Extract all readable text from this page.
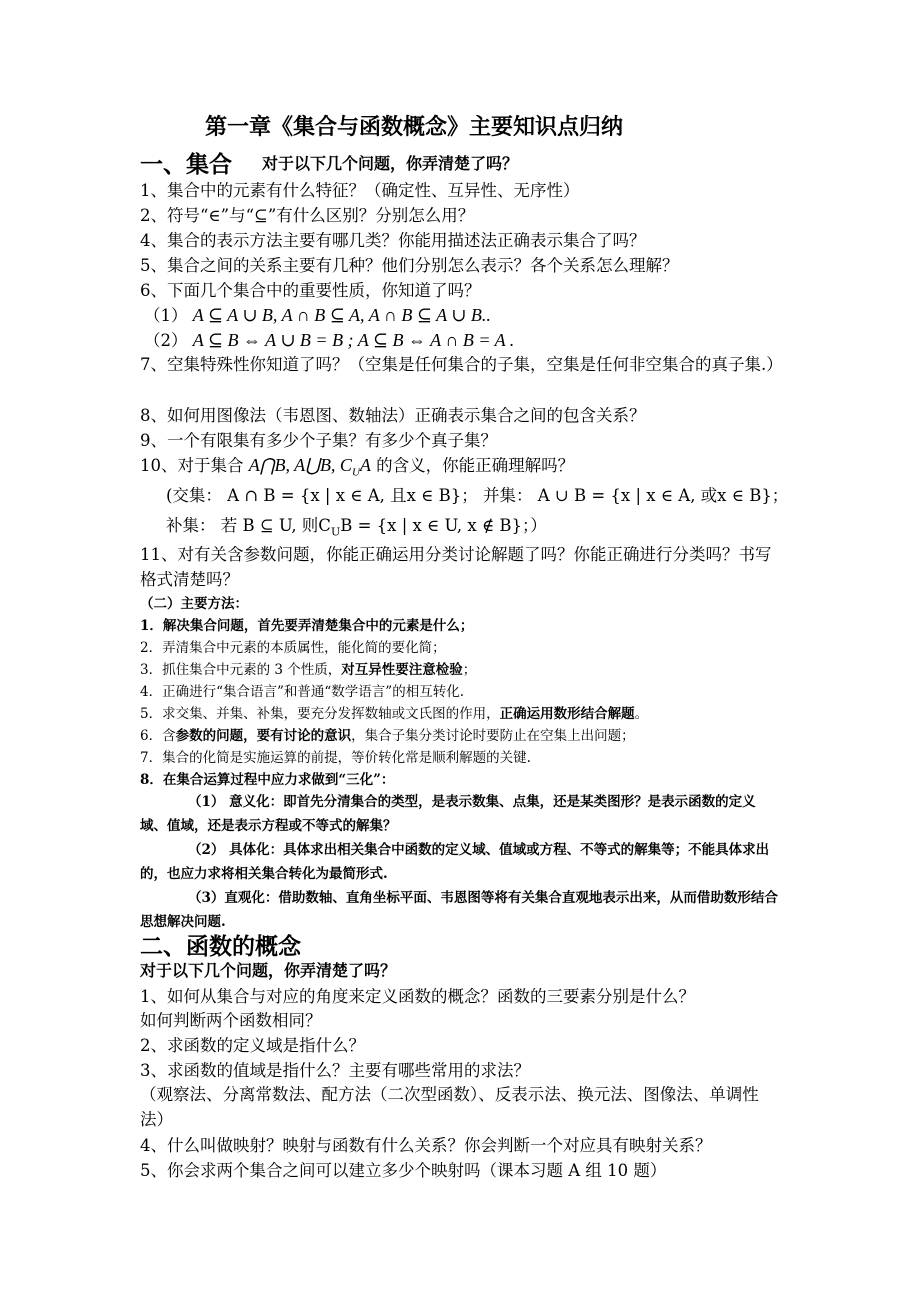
第一章《集合与函数概念》主要知识点归纳
一、集合 对于以下几个问题，你弄清楚了吗？
1、集合中的元素有什么特征？（确定性、互异性、无序性）
2、符号“∈”与“⊆”有什么区别？分别怎么用？
4、集合的表示方法主要有哪几类？你能用描述法正确表示集合了吗？
5、集合之间的关系主要有几种？他们分别怎么表示？各个关系怎么理解？
6、下面几个集合中的重要性质，你知道了吗？
（1） A ⊆ A ∪ B, A ∩ B ⊆ A, A ∩ B ⊆ A ∪ B..
（2） A ⊆ B ⇔ A ∪ B = B ; A ⊆ B ⇔ A ∩ B = A .
7、空集特殊性你知道了吗？（空集是任何集合的子集，空集是任何非空集合的真子集.）
8、如何用图像法（韦恩图、数轴法）正确表示集合之间的包含关系？
9、一个有限集有多少个子集？有多少个真子集？
10、对于集合 A⋂B, A⋃B, $C_UA$ 的含义，你能正确理解吗？
(交集： A ∩ B = {x | x ∈ A, 且x ∈ B}； 并集： A ∪ B = {x | x ∈ A, 或x ∈ B}；
补集： 若 B ⊆ U, 则$C_UB = \{x$ | x ∈ U, x ∉ B}；）
11、对有关含参数问题，你能正确运用分类讨论解题了吗？你能正确进行分类吗？书写格式清楚吗？
（二）主要方法：
1．解决集合问题，首先要弄清楚集合中的元素是什么；
2．弄清集合中元素的本质属性，能化简的要化简；
3．抓住集合中元素的 3 个性质，对互异性要注意检验；
4．正确进行“集合语言”和普通“数学语言”的相互转化.
5．求交集、并集、补集，要充分发挥数轴或文氏图的作用，正确运用数形结合解题。
6．含参数的问题，要有讨论的意识，集合子集分类讨论时要防止在空集上出问题；
7．集合的化简是实施运算的前提，等价转化常是顺利解题的关键.
8．在集合运算过程中应力求做到“三化”：
（1） 意义化：即首先分清集合的类型，是表示数集、点集，还是某类图形？是表示函数的定义域、值域，还是表示方程或不等式的解集？
（2） 具体化：具体求出相关集合中函数的定义域、值域或方程、不等式的解集等；不能具体求出的，也应力求将相关集合转化为最简形式.
（3）直观化：借助数轴、直角坐标平面、韦恩图等将有关集合直观地表示出来，从而借助数形结合思想解决问题.
二、函数的概念
对于以下几个问题，你弄清楚了吗？
1、如何从集合与对应的角度来定义函数的概念？函数的三要素分别是什么？
如何判断两个函数相同？
2、求函数的定义域是指什么？
3、求函数的值域是指什么？主要有哪些常用的求法？
（观察法、分离常数法、配方法（二次型函数）、反表示法、换元法、图像法、单调性法）
4、什么叫做映射？映射与函数有什么关系？你会判断一个对应具有映射关系？
5、你会求两个集合之间可以建立多少个映射吗（课本习题 A 组 10 题）
